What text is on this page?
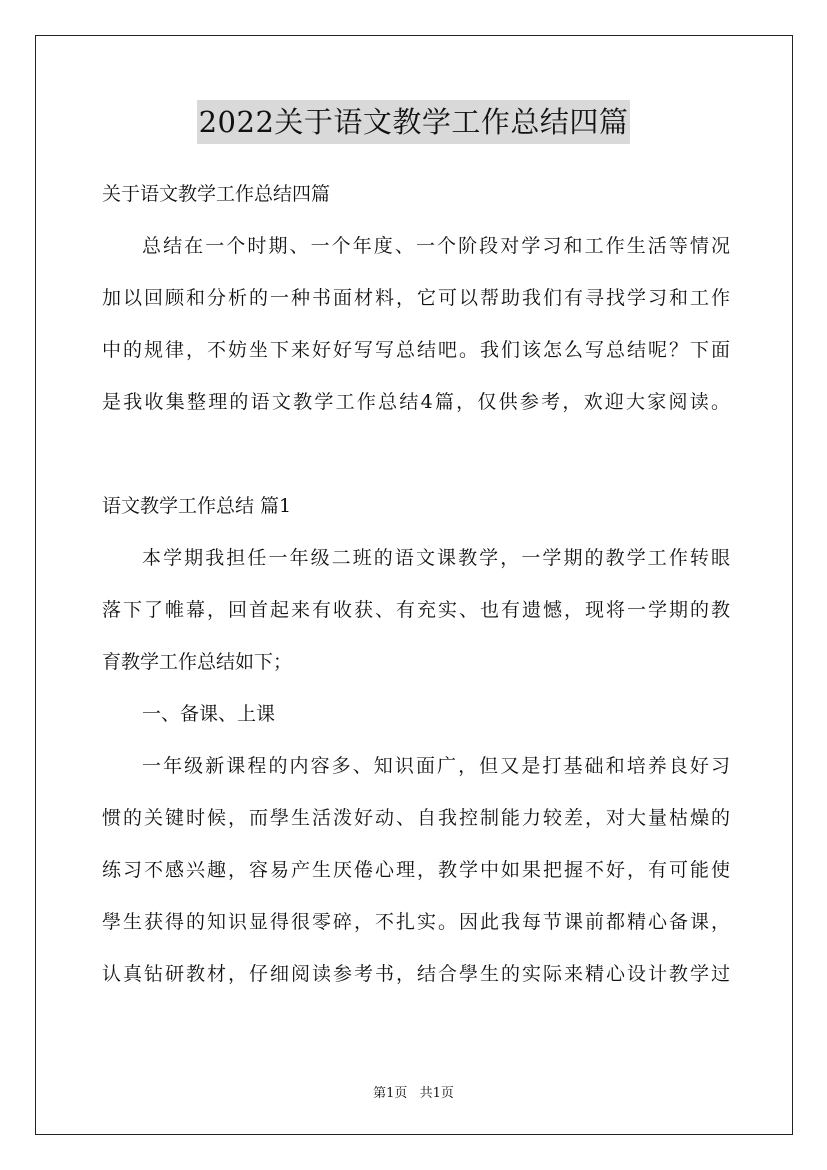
2022关于语文教学工作总结四篇
关于语文教学工作总结四篇
总结在一个时期、一个年度、一个阶段对学习和工作生活等情况
加以回顾和分析的一种书面材料，它可以帮助我们有寻找学习和工作
中的规律，不妨坐下来好好写写总结吧。我们该怎么写总结呢？下面
是我收集整理的语文教学工作总结4篇，仅供参考，欢迎大家阅读。
语文教学工作总结 篇1
本学期我担任一年级二班的语文课教学，一学期的教学工作转眼
落下了帷幕，回首起来有收获、有充实、也有遗憾，现将一学期的教
育教学工作总结如下；
一、备课、上课
一年级新课程的内容多、知识面广，但又是打基础和培养良好习
惯的关键时候，而學生活泼好动、自我控制能力较差，对大量枯燥的
练习不感兴趣，容易产生厌倦心理，教学中如果把握不好，有可能使
學生获得的知识显得很零碎，不扎实。因此我每节课前都精心备课，
认真钻研教材，仔细阅读参考书，结合學生的实际来精心设计教学过
第1页 共1页
